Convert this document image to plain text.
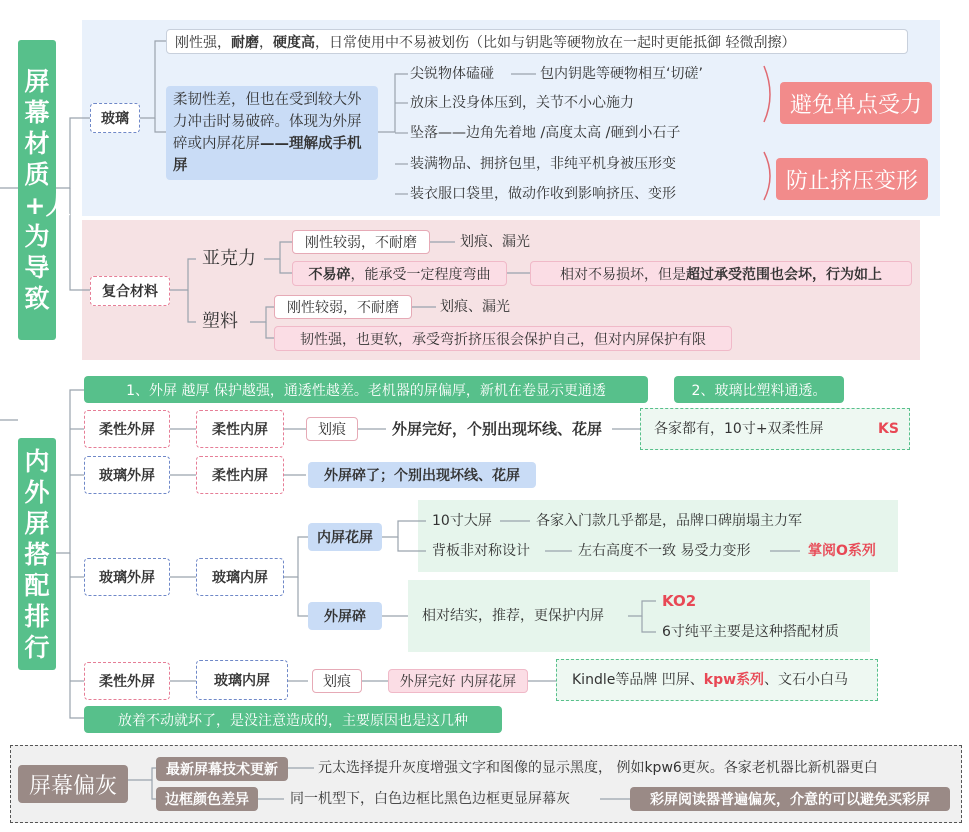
屏幕材质+人为导致
玻璃
刚性强， 耐磨 ， 硬度高 ，日常使用中不易被划伤（比如与钥匙等硬物放在一起时更能抵御 轻微刮擦）
柔韧性差，但也在受到较大外力冲击时易破碎。体现为外屏碎或内屏花屏——理解成手机屏
尖锐物体磕碰	包内钥匙等硬物相互‘切磋’
放床上没身体压到，关节不小心施力
坠落——边角先着地 /高度太高 /砸到小石子
装满物品、拥挤包里，非纯平机身被压形变
装衣服口袋里，做动作收到影响挤压、变形
避免单点受力
防止挤压变形
复合材料
亚克力
刚性较弱，不耐磨	划痕、漏光
不易碎 ，能承受一定程度弯曲	相对不易损坏，但是 超过承受范围也会坏，行为如上
塑料
刚性较弱，不耐磨	划痕、漏光
韧性强，也更软，承受弯折挤压很会保护自己，但对内屏保护有限
内外屏搭配排行
1、外屏 越厚 保护越强，通透性越差。老机器的屏偏厚，新机在卷显示更通透	2、玻璃比塑料通透。
柔性外屏	柔性内屏	划痕	外屏完好，个别出现坏线、花屏	各家都有，10寸+双柔性屏	KS
玻璃外屏	柔性内屏	外屏碎了；个别出现坏线、花屏
玻璃外屏	玻璃内屏
内屏花屏
10寸大屏	各家入门款几乎都是，品牌口碑崩塌主力军
背板非对称设计	左右高度不一致 易受力变形	掌阅O系列
外屏碎	相对结实，推荐，更保护内屏
KO2
6寸纯平主要是这种搭配材质
柔性外屏	玻璃内屏	划痕	外屏完好 内屏花屏	Kindle等品牌 凹屏、kpw系列、文石小白马
放着不动就坏了，是没注意造成的，主要原因也是这几种
屏幕偏灰
最新屏幕技术更新	元太选择提升灰度增强文字和图像的显示黑度， 例如kpw6更灰。各家老机器比新机器更白
边框颜色差异	同一机型下，白色边框比黑色边框更显屏幕灰	彩屏阅读器普遍偏灰，介意的可以避免买彩屏
